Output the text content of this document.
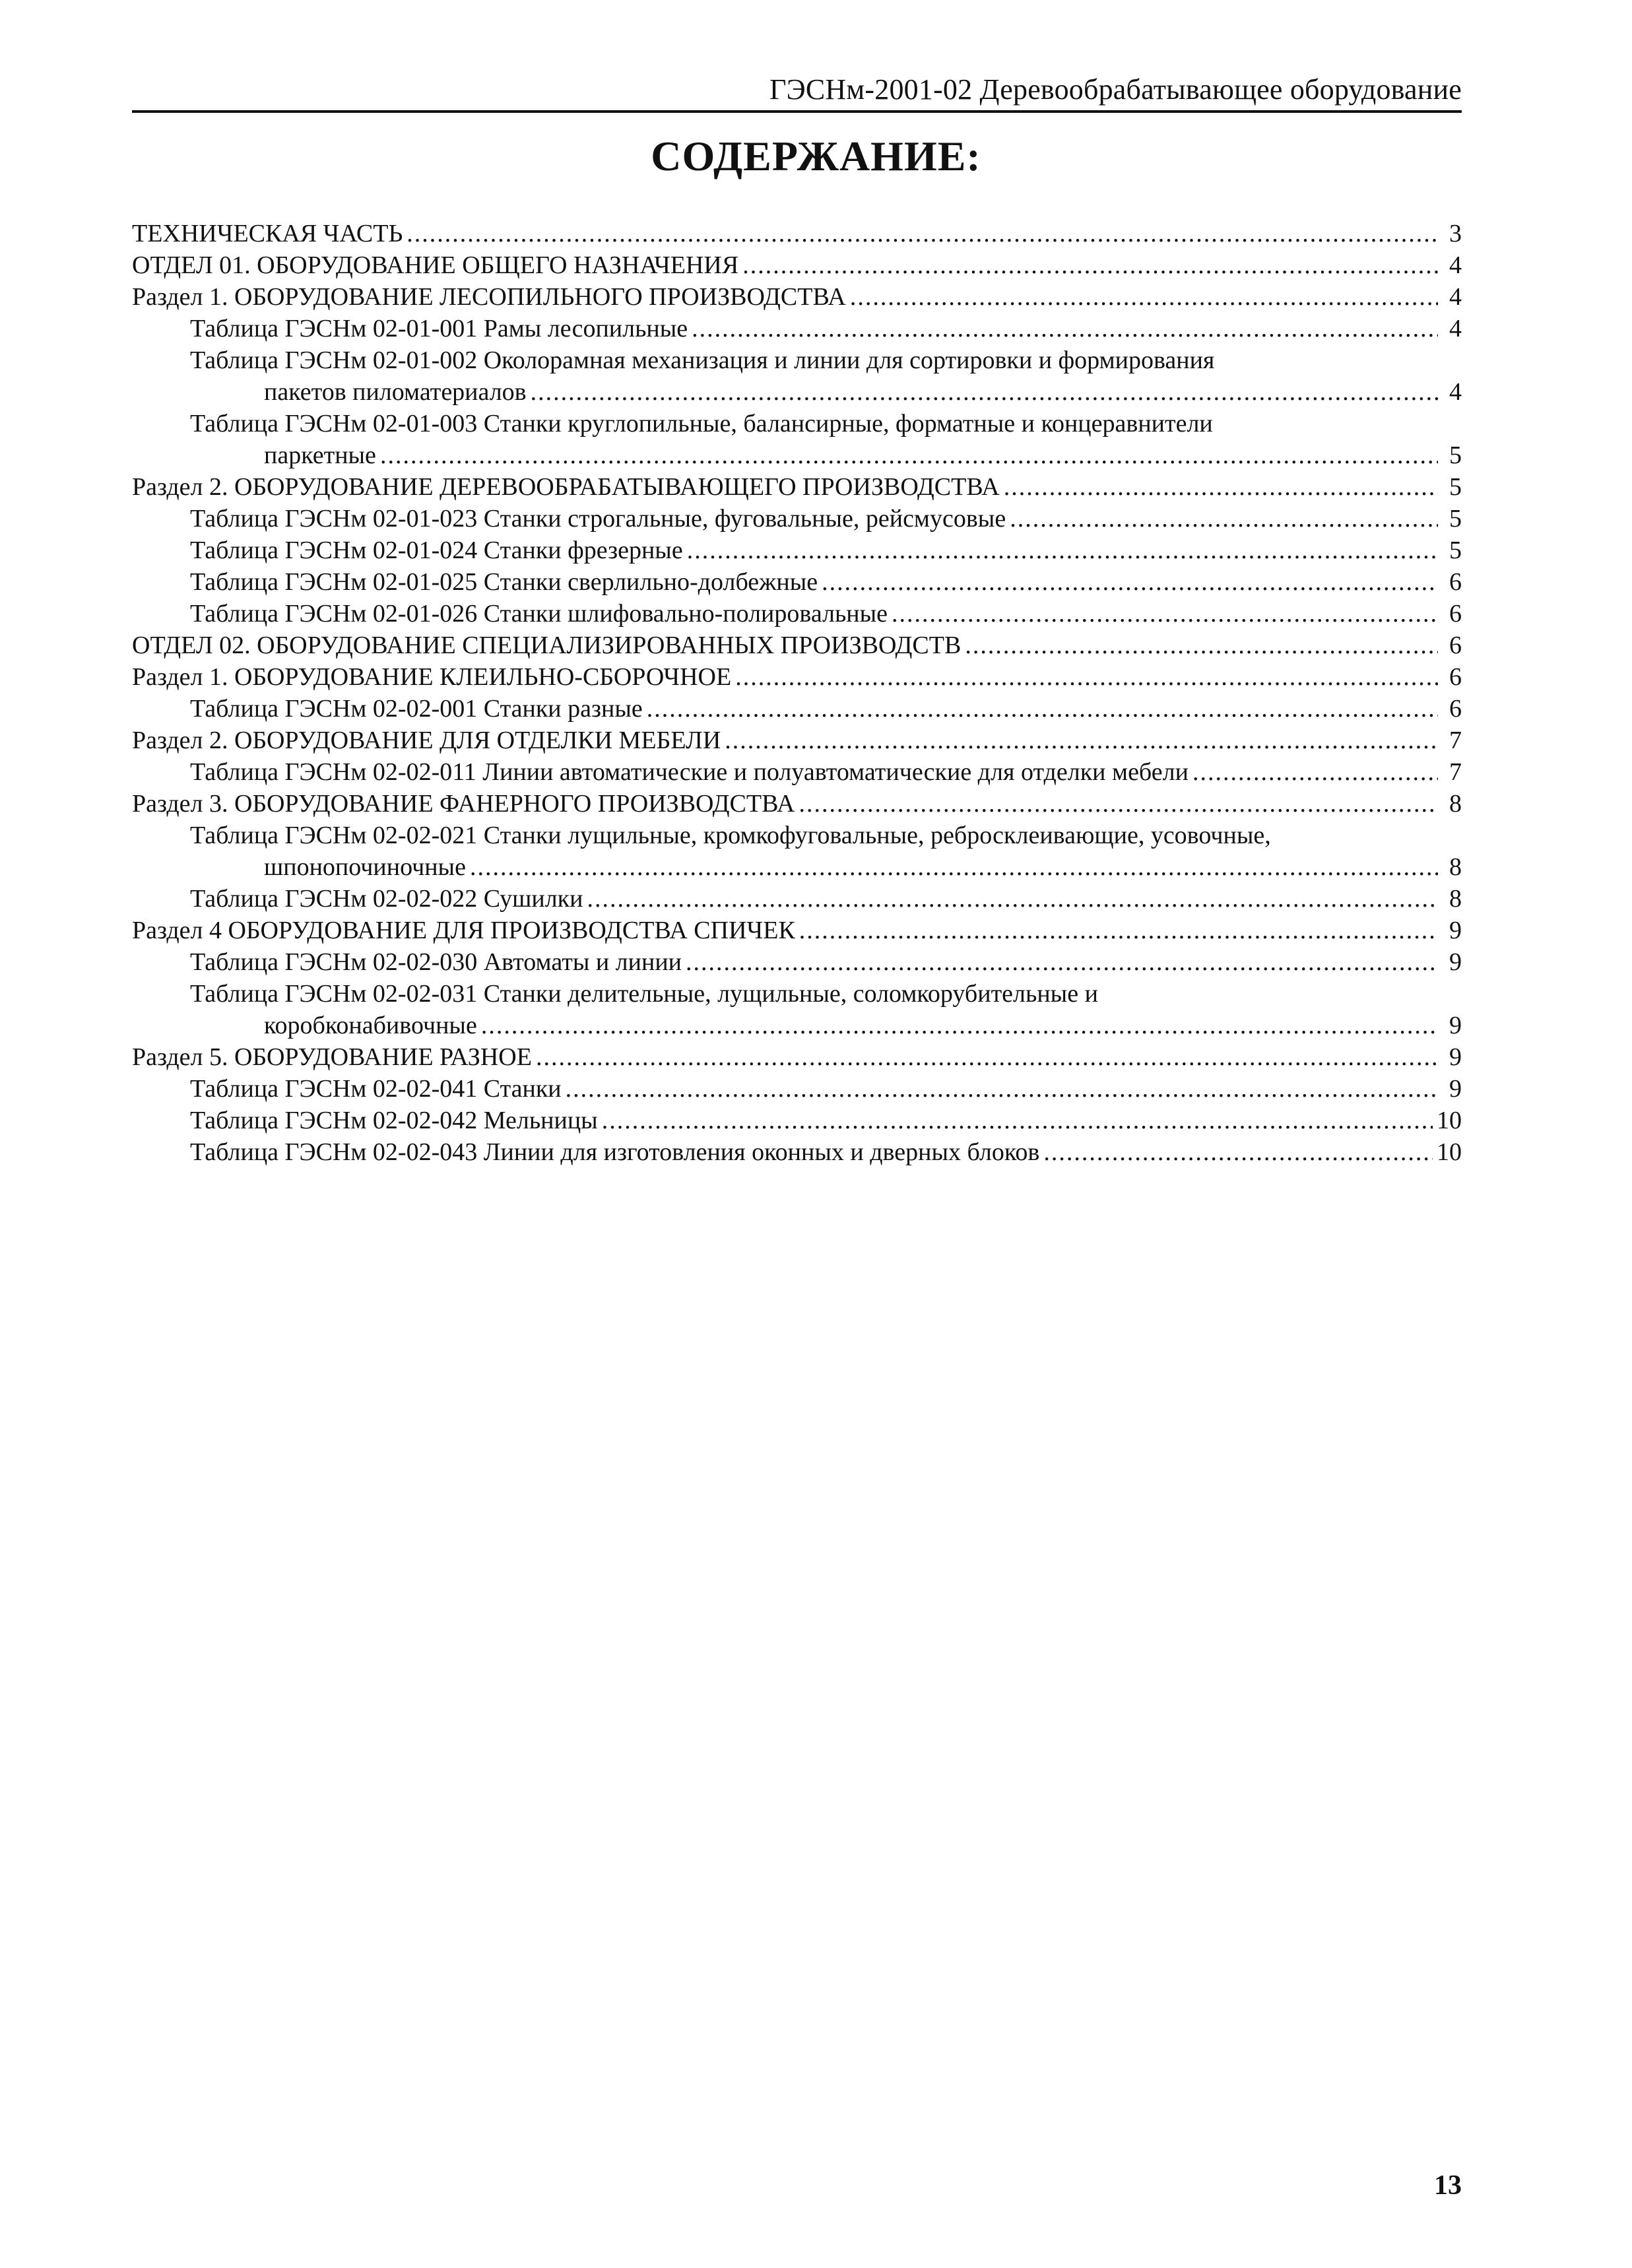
ГЭСНм-2001-02 Деревообрабатывающее оборудование
СОДЕРЖАНИЕ:
ТЕХНИЧЕСКАЯ ЧАСТЬ .....	3
ОТДЕЛ 01. ОБОРУДОВАНИЕ ОБЩЕГО НАЗНАЧЕНИЯ .....	4
Раздел 1. ОБОРУДОВАНИЕ ЛЕСОПИЛЬНОГО ПРОИЗВОДСТВА .....	4
Таблица ГЭСНм 02-01-001 Рамы лесопильные .....	4
Таблица ГЭСНм 02-01-002 Околорамная механизация и линии для сортировки и формирования
пакетов пиломатериалов .....	4
Таблица ГЭСНм 02-01-003 Станки круглопильные, балансирные, форматные и концеравнители
паркетные .....	5
Раздел 2. ОБОРУДОВАНИЕ ДЕРЕВООБРАБАТЫВАЮЩЕГО ПРОИЗВОДСТВА .....	5
Таблица ГЭСНм 02-01-023 Станки строгальные, фуговальные, рейсмусовые .....	5
Таблица ГЭСНм 02-01-024 Станки фрезерные .....	5
Таблица ГЭСНм 02-01-025 Станки сверлильно-долбежные .....	6
Таблица ГЭСНм 02-01-026 Станки шлифовально-полировальные .....	6
ОТДЕЛ 02. ОБОРУДОВАНИЕ СПЕЦИАЛИЗИРОВАННЫХ ПРОИЗВОДСТВ .....	6
Раздел 1. ОБОРУДОВАНИЕ КЛЕИЛЬНО-СБОРОЧНОЕ .....	6
Таблица ГЭСНм 02-02-001 Станки разные .....	6
Раздел 2. ОБОРУДОВАНИЕ ДЛЯ ОТДЕЛКИ МЕБЕЛИ .....	7
Таблица ГЭСНм 02-02-011 Линии автоматические и полуавтоматические для отделки мебели .....	7
Раздел 3. ОБОРУДОВАНИЕ ФАНЕРНОГО ПРОИЗВОДСТВА .....	8
Таблица ГЭСНм 02-02-021 Станки лущильные, кромкофуговальные, ребросклеивающие, усовочные,
шпонопочиночные .....	8
Таблица ГЭСНм 02-02-022 Сушилки .....	8
Раздел 4 ОБОРУДОВАНИЕ ДЛЯ ПРОИЗВОДСТВА СПИЧЕК .....	9
Таблица ГЭСНм 02-02-030 Автоматы и линии .....	9
Таблица ГЭСНм 02-02-031 Станки делительные, лущильные, соломкорубительные и
коробконабивочные .....	9
Раздел 5. ОБОРУДОВАНИЕ РАЗНОЕ .....	9
Таблица ГЭСНм 02-02-041 Станки .....	9
Таблица ГЭСНм 02-02-042 Мельницы .....	10
Таблица ГЭСНм 02-02-043 Линии для изготовления оконных и дверных блоков .....	10
13
